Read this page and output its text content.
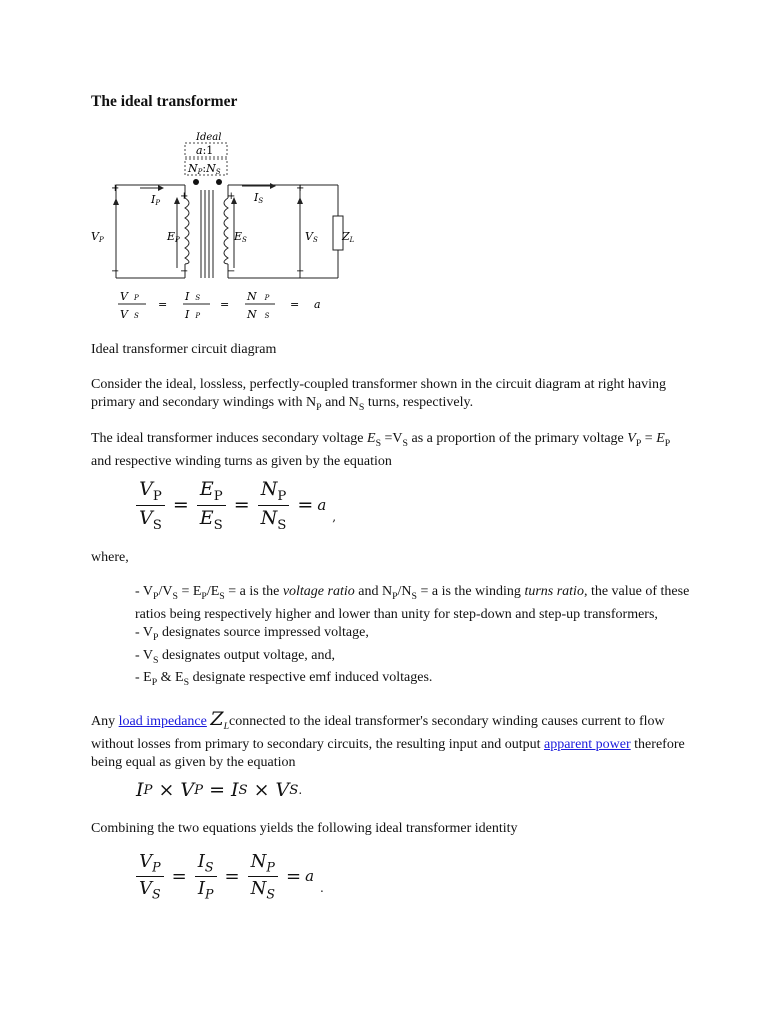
The ideal transformer
Ideal
a:1
NP:NS
+
−
+
−
+
−
+
−
VP
IP
EP	ES
IS
VS ZL
V P
V S
=
I S
I P
=
N P
N S
= a
Ideal transformer circuit diagram
Consider the ideal, lossless, perfectly-coupled transformer shown in the circuit diagram at right having primary and secondary windings with $N_P$ and $N_S$ turns, respectively.
The ideal transformer induces secondary voltage $E_S =V_S$ as a proportion of the primary voltage $V_P = E_P$ and respective winding turns as given by the equation
$\frac{V_P}{V_S} = \frac{E_P}{E_S} = \frac{N_P}{N_S} = a$
,
where,
- $V_P/V_S = E_P/E_S = a$ is the voltage ratio and $N_P/N_S = a$ is the winding turns ratio, the value of these ratios being respectively higher and lower than unity for step-down and step-up transformers,
- $V_P$ designates source impressed voltage,
- $V_S$ designates output voltage, and,
- $E_P$ & $E_S$ designate respective emf induced voltages.
Any load impedance $Z_Lconnected$ to the ideal transformer's secondary winding causes current to flow without losses from primary to secondary circuits, the resulting input and output apparent power therefore being equal as given by the equation
I P × V P = I S × V S .
Combining the two equations yields the following ideal transformer identity
$\frac{V_P}{V_S} = \frac{I_S}{I_P} = \frac{N_P}{N_S} = a$
.
